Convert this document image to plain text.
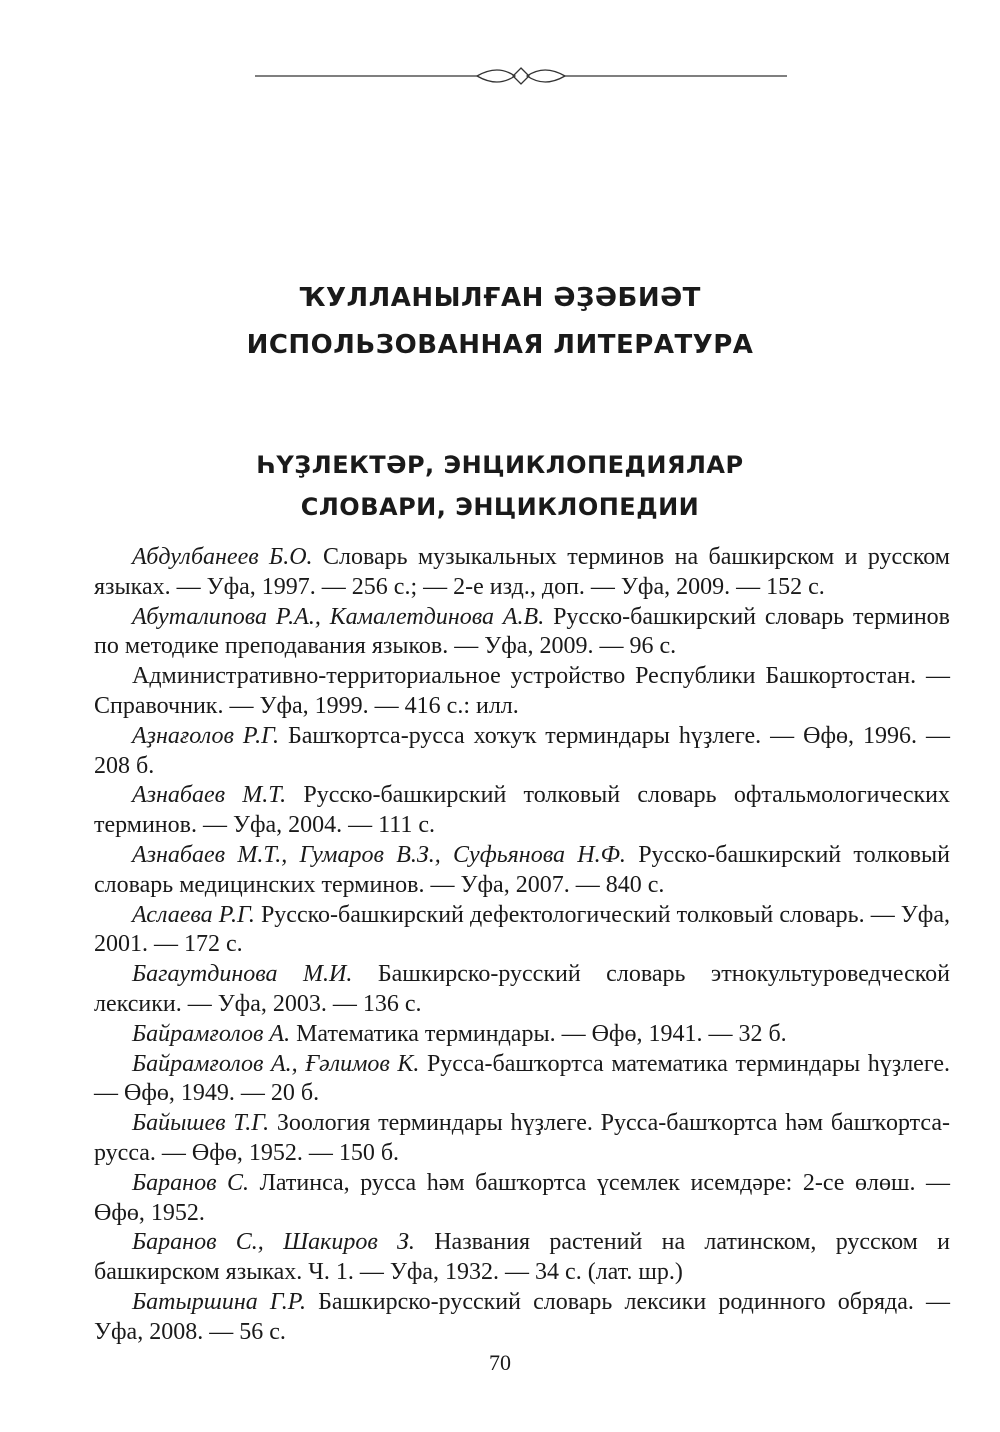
ҠУЛЛАНЫЛҒАН ӘҘӘБИӘТ
ИСПОЛЬЗОВАННАЯ ЛИТЕРАТУРА
ҺҮҘЛЕКТӘР, ЭНЦИКЛОПЕДИЯЛАР
СЛОВАРИ, ЭНЦИКЛОПЕДИИ

Абдулбанеев Б.О. Словарь музыкальных терминов на башкирском и русском языках. — Уфа, 1997. — 256 с.; — 2-е изд., доп. — Уфа, 2009. — 152 с.

Абуталипова Р.А., Камалетдинова А.В. Русско-башкирский словарь терминов по методике преподавания языков. — Уфа, 2009. — 96 с.

Административно-территориальное устройство Республики Башкортостан. — Справочник. — Уфа, 1999. — 416 с.: илл.

Аҙнағолов Р.Г. Башҡортса-русса хоҡуҡ терминдары һүҙлеге. — Өфө, 1996. — 208 б.

Азнабаев М.Т. Русско-башкирский толковый словарь офтальмологических терминов. — Уфа, 2004. — 111 с.

Азнабаев М.Т., Гумаров В.З., Суфьянова Н.Ф. Русско-башкирский толковый словарь медицинских терминов. — Уфа, 2007. — 840 с.

Аслаева Р.Г. Русско-башкирский дефектологический толковый словарь. — Уфа, 2001. — 172 с.

Багаутдинова М.И. Башкирско-русский словарь этнокультуроведческой лексики. — Уфа, 2003. — 136 с.

Байрамғолов А. Математика терминдары. — Өфө, 1941. — 32 б.

Байрамғолов А., Ғәлимов К. Русса-башҡортса математика терминдары һүҙлеге. — Өфө, 1949. — 20 б.

Байышев Т.Г. Зоология терминдары һүҙлеге. Русса-башҡортса һәм башҡортса-русса. — Өфө, 1952. — 150 б.

Баранов С. Латинса, русса һәм башҡортса үсемлек исемдәре: 2-се өлөш. — Өфө, 1952.

Баранов С., Шакиров З. Названия растений на латинском, русском и башкирском языках. Ч. 1. — Уфа, 1932. — 34 с. (лат. шр.)

Батыршина Г.Р. Башкирско-русский словарь лексики родинного обряда. — Уфа, 2008. — 56 с.

70
